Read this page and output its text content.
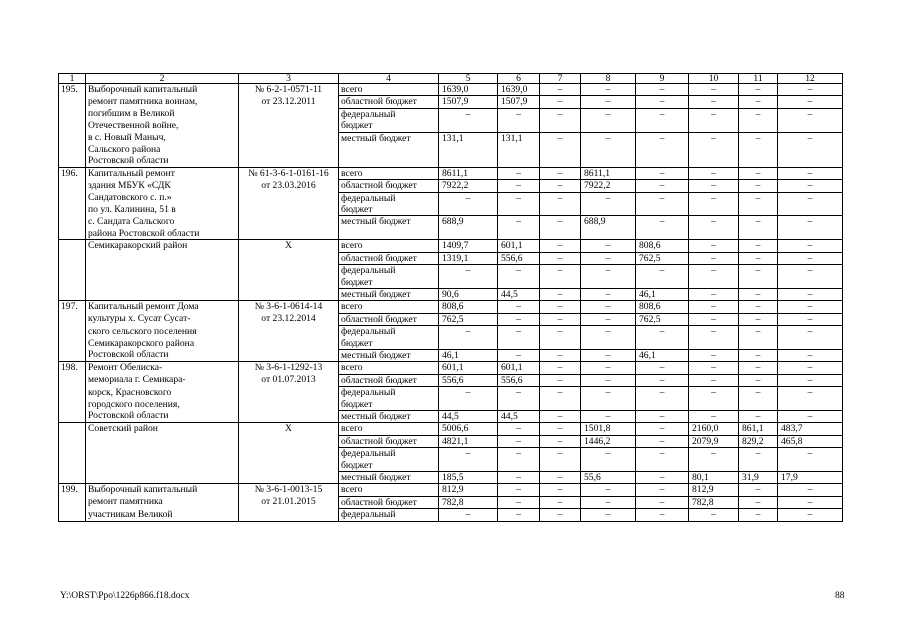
1	2	3	4	5	6	7	8	9	10	11	12
195.	Выборочный капитальный	№ 6-2-1-0571-11	всего	1639,0	1639,0	–	–	–	–	–	–
	ремонт памятника воинам,	от 23.12.2011	областной бюджет	1507,9	1507,9	–	–	–	–	–	–
	погибшим в Великой		федеральный	–	–	–	–	–	–	–	–
	Отечественной войне,		бюджет								
	в с. Новый Маныч,		местный бюджет	131,1	131,1	–	–	–	–	–	–
	Сальского района										
	Ростовской области										
196.	Капитальный ремонт	№ 61-3-6-1-0161-16	всего	8611,1	–	–	8611,1	–	–	–	–
	здания МБУК «СДК	от 23.03.2016	областной бюджет	7922,2	–	–	7922,2	–	–	–	–
	Сандатовского с. п.»		федеральный	–	–	–	–	–	–	–	–
	по ул. Калинина, 51 в		бюджет								
	с. Сандата Сальского		местный бюджет	688,9	–	–	688,9	–	–	–	–
	района Ростовской области										
	Семикаракорский район	Х	всего	1409,7	601,1	–	–	808,6	–	–	–
			областной бюджет	1319,1	556,6	–	–	762,5	–	–	–
			федеральный	–	–	–	–	–	–	–	–
			бюджет								
			местный бюджет	90,6	44,5	–	–	46,1	–	–	–
197.	Капитальный ремонт Дома	№ 3-6-1-0614-14	всего	808,6	–	–	–	808,6	–	–	–
	культуры х. Сусат Сусат-	от 23.12.2014	областной бюджет	762,5	–	–	–	762,5	–	–	–
	ского сельского поселения		федеральный	–	–	–	–	–	–	–	–
	Семикаракорского района		бюджет								
	Ростовской области		местный бюджет	46,1	–	–	–	46,1	–	–	–
198.	Ремонт Обелиска-	№ 3-6-1-1292-13	всего	601,1	601,1	–	–	–	–	–	–
	мемориала г. Семикара-	от 01.07.2013	областной бюджет	556,6	556,6	–	–	–	–	–	–
	корск, Красновского		федеральный	–	–	–	–	–	–	–	–
	городского поселения,		бюджет								
	Ростовской области		местный бюджет	44,5	44,5	–	–	–	–	–	–
	Советский район	Х	всего	5006,6	–	–	1501,8	–	2160,0	861,1	483,7
			областной бюджет	4821,1	–	–	1446,2	–	2079,9	829,2	465,8
			федеральный	–	–	–	–	–	–	–	–
			бюджет								
			местный бюджет	185,5	–	–	55,6	–	80,1	31,9	17,9
199.	Выборочный капитальный	№ 3-6-1-0013-15	всего	812,9	–	–	–	–	812,9	–	–
	ремонт памятника	от 21.01.2015	областной бюджет	782,8	–	–	–	–	782,8	–	–
	участникам Великой		федеральный	–	–	–	–	–	–	–	–
Y:\ORST\Ppo\1226p866.f18.docx	88
